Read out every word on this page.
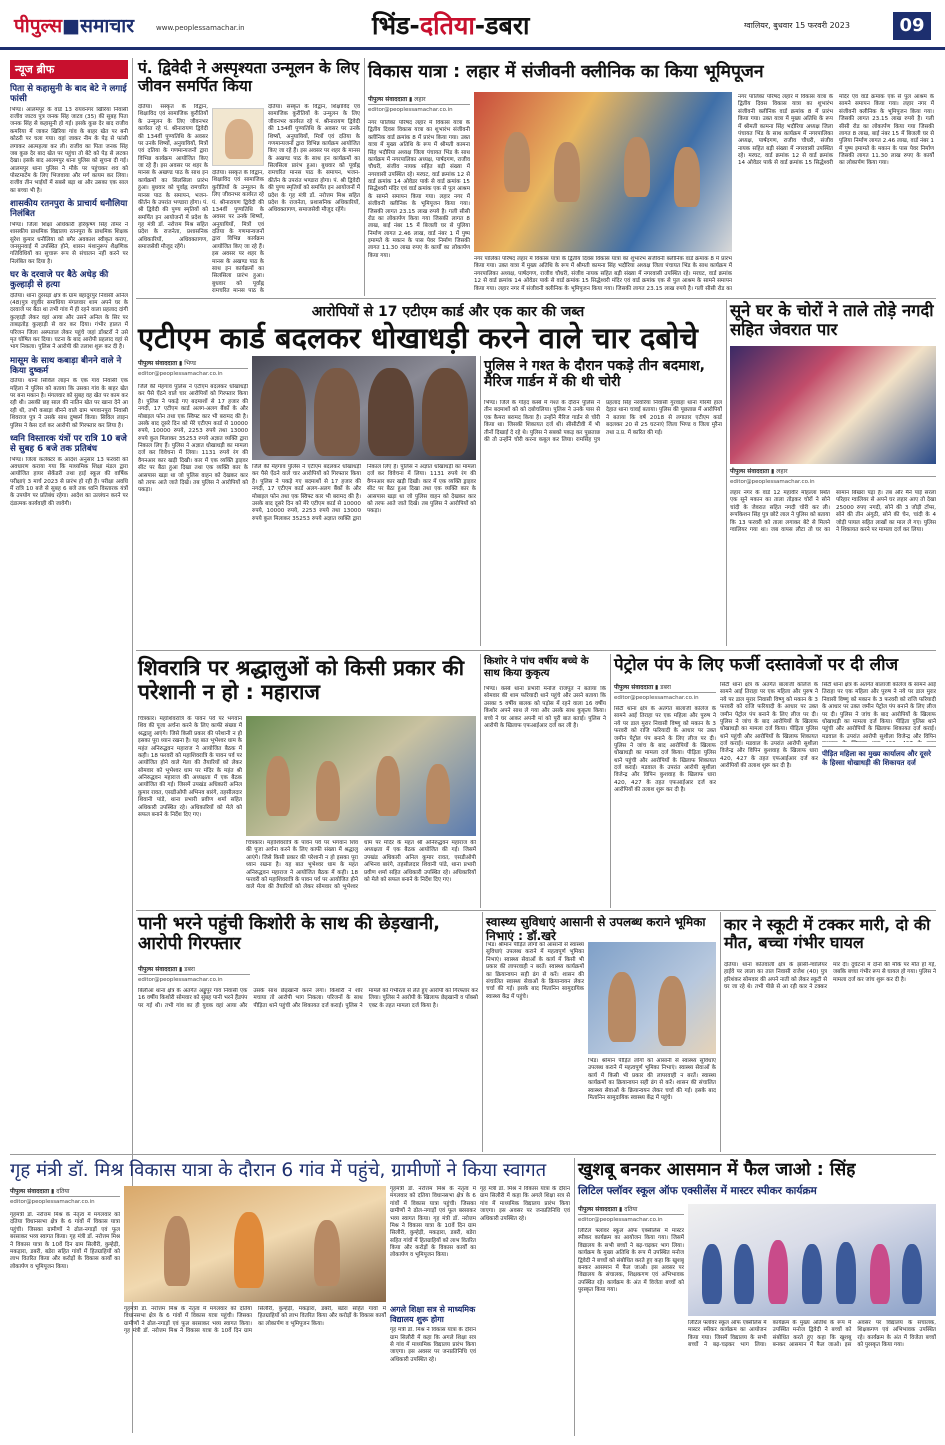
पीपुल्स■समाचार	www.peoplessamachar.in	भिंड-दतिया-डबरा	ग्वालियर, बुधवार 15 फरवरी 2023	09
न्यूज ब्रीफ
पिता से कहासुनी के बाद बेटे ने लगाई फांसी
भिण्ड। आलमपुर के वार्ड 13 रायवनगर खिरिया निवासी राजीव जाटव पुत्र जनक सिंह जाटव (35) की सुबह पिता जनक सिंह से कहासुनी हो गई। इसके कुछ देर बाद राजीव कमरिया में जाकर खिरिया गांव के बाहर खेत पर बनी कोठरी पर चला गया। वहां जाकर नीम के पेड़ से फांसी लगाकर आत्महत्या कर ली। राजीव का पिता जनक सिंह जब कुछ देर बाद खेत पर पहुंचा तो बेटे को पेड़ से लटका देखा। इसके बाद आलमपुर थाना पुलिस को सूचना दी गई। आलमपुर थाना पुलिस ने मौके पर पहुंचकर शव को पोस्टमार्टम के लिए भिजवाया और मर्ग कायम कर लिया। राजीव तीन भाईयों में सबसे बड़ा था और उसका एक साल का बच्चा भी है।
शासकीय रतनपुरा के प्राचार्य धनौलिया निलंबित
भिण्ड। जिला शिक्षा अधिकारी हरिकृष्ण सिंह तोमर ने शासकीय प्राथमिक विद्यालय रतनपुरा के प्राथमिक शिक्षक सुरेश कुमार धनौलिया को बगैर अवकाश स्वीकृत कराए, जनसुनवाई में उपस्थित होने, शासन मंशानुरूप शैक्षणिक गतिविधियों का सुचारू रूप से संचालन नहीं करने पर निलंबित कर दिया है।
घर के दरवाजे पर बैठे अधेड़ की कुल्हाड़ी से हत्या
दतिया। थाना दुरसड़ा क्षेत्र के ग्राम बहादुरपुर निवासी अनिल (48)पुत्र रघुवीर समाधिया मंगलवार शाम अपने घर के दरवाजे पर बैठा था तभी गांव में ही रहने वाला प्रहलाद दांगी कुल्हाड़ी लेकर वहां आया और उसने अनिल के सिर पर ताबड़तोड़ कुल्हाड़ी से वार कर दिया। गंभीर हालत में परिजन जिला अस्पताल लेकर पहुंचे जहां डॉक्टरों ने उसे मृत घोषित कर दिया। घटना के बाद आरोपी प्रहलाद वहां से भाग निकला। पुलिस ने आरोपी की तलाश शुरू कर दी है।
मासूम के साथ कबाड़ा बीनने वाले ने किया दुष्कर्म
दतिया। थाना सिविल लाइन के एक गांव निवासी एक महिला ने पुलिस को बताया कि उसका गांव के बाहर खेत पर बना मकान है। मंगलवार को सुबह वह खेत पर काम कर रही थी। उसकी छह साल की नातिन खेत पर खाना देने आ रही थी, तभी कबाड़ा बीनने वाले ग्राम भगवानपुरा निवासी शिवराज पुत्र ने उसके साथ दुष्कर्म किया। सिविल लाइन पुलिस ने केस दर्ज कर आरोपी को गिरफ्तार कर लिया है।
ध्वनि विस्तारक यंत्रों पर रात्रि 10 बजे से सुबह 6 बजे तक प्रतिबंध
भिण्ड। जिला कलेक्टर के आदेश अनुसार 13 फरवरी को अवधारण कराया गया कि माध्यमिक शिक्षा मंडल द्वारा आयोजित हायर सेकेंडरी तथा हाई स्कूल की वार्षिक परीक्षाएं 3 मार्च 2023 से प्रारंभ हो रही हैं। परीक्षा अवधि में रात्रि 10 बजे से सुबह 6 बजे तक ध्वनि विस्तारक यंत्रों के उपयोग पर प्रतिबंध रहेगा। आदेश का उल्लंघन करने पर दंडात्मक कार्यवाही की जावेगी।
पं. द्विवेदी ने अस्पृश्यता उन्मूलन के लिए जीवन समर्पित किया
दतिया। संस्कृत के विद्वान, शिक्षाविद एवं सामाजिक कुरीतियों के उन्मूलन के लिए जीवनभर कार्यरत रहे पं. श्रीनारायण द्विवेदी की 134वीं पुण्यतिथि के अवसर पर उनके शिष्यों, अनुयायियों, मित्रों एवं दतिया के गणमान्यजनों द्वारा विभिन्न कार्यक्रम आयोजित किए जा रहे हैं। इस अवसर पर शहर के मानस के अखण्ड पाठ के साथ इन कार्यक्रमों का सिलसिला प्रारंभ हुआ। बुधवार को पूर्वाह्न रामचरित मानस पाठ के समापन, भजन-कीर्तन के उपरांत भण्डारा होगा। पं. श्री द्विवेदी की पुण्य स्मृतियों को समर्पित इन आयोजनों में प्रदेश के गृह मंत्री डॉ. नरोत्तम मिश्र सहित प्रदेश के राजनेता, प्रशासनिक अधिकारियों, अधिवक्तागण, समाजसेवी मौजूद रहेंगे।
दतिया। संस्कृत के विद्वान, शिक्षाविद एवं सामाजिक कुरीतियों के उन्मूलन के लिए जीवनभर कार्यरत रहे पं. श्रीनारायण द्विवेदी की 134वीं पुण्यतिथि के अवसर पर उनके शिष्यों, अनुयायियों, मित्रों एवं दतिया के गणमान्यजनों द्वारा विभिन्न कार्यक्रम आयोजित किए जा रहे हैं। इस अवसर पर शहर के मानस के अखण्ड पाठ के साथ इन कार्यक्रमों का सिलसिला प्रारंभ हुआ। बुधवार को पूर्वाह्न रामचरित मानस पाठ के
दतिया। संस्कृत के विद्वान, शिक्षाविद एवं सामाजिक कुरीतियों के उन्मूलन के लिए जीवनभर कार्यरत रहे पं. श्रीनारायण द्विवेदी की 134वीं पुण्यतिथि के अवसर पर उनके शिष्यों, अनुयायियों, मित्रों एवं दतिया के गणमान्यजनों द्वारा विभिन्न कार्यक्रम आयोजित किए जा रहे हैं। इस अवसर पर शहर के मानस के अखण्ड पाठ के साथ इन कार्यक्रमों का सिलसिला प्रारंभ हुआ। बुधवार को पूर्वाह्न रामचरित मानस पाठ के समापन, भजन-कीर्तन के उपरांत भण्डारा होगा। पं. श्री द्विवेदी की पुण्य स्मृतियों को समर्पित इन आयोजनों में प्रदेश के गृह मंत्री डॉ. नरोत्तम मिश्र सहित प्रदेश के राजनेता, प्रशासनिक अधिकारियों, अधिवक्तागण, समाजसेवी मौजूद रहेंगे।
विकास यात्रा : लहार में संजीवनी क्लीनिक का किया भूमिपूजन
पीपुल्स संवाददाता ▮ लहार
editor@peoplessamachar.co.in
नगर पालिका परिषद लहार में विकास यात्रा के द्वितीय दिवस विकास यात्रा का शुभारंभ संजीवनी क्लीनिक वार्ड क्रमांक 8 में प्रारंभ किया गया। उक्त यात्रा में मुख्य अतिथि के रूप में श्रीमती कामना सिंह भदौरिया अध्यक्ष जिला पंचायत भिंड के साथ कार्यक्रम में नगरपालिका अध्यक्ष, पार्षदगण, राजीव चौधरी, संजीव नायक सहित बड़ी संख्या में नगरवासी उपस्थित रहे। मरघट, वार्ड क्रमांक 12 से वार्ड क्रमांक 14 ओवेडर पार्क से वार्ड क्रमांक 15 सिद्धेश्वरी मंदिर एवं वार्ड क्रमांक एक से पुल आश्रम के सामने समापन किया गया। लहार नगर में संजीवनी क्लीनिक के भूमिपूजन किया गया। जिसकी लागत 23.15 लाख रुपये है। गली सीसी रोड का लोकार्पण किया गया जिसकी लागत 8 लाख, बाई नंबर 15 में बिजली घर से पुलिया निर्माण लागत 2.46 लाख, वार्ड नंबर 1 में पुष्प इमामते के मकान के पास पेवर निर्माण जिसकी लागत 11.30 लाख रुपए के कार्यों का लोकार्पण किया गया।
नगर पालिका परिषद लहार में विकास यात्रा के द्वितीय दिवस विकास यात्रा का शुभारंभ संजीवनी क्लीनिक वार्ड क्रमांक 8 में प्रारंभ किया गया। उक्त यात्रा में मुख्य अतिथि के रूप में श्रीमती कामना सिंह भदौरिया अध्यक्ष जिला पंचायत भिंड के साथ कार्यक्रम में नगरपालिका अध्यक्ष, पार्षदगण, राजीव चौधरी, संजीव नायक सहित बड़ी संख्या में नगरवासी उपस्थित रहे। मरघट, वार्ड क्रमांक 12 से वार्ड क्रमांक 14 ओवेडर पार्क से वार्ड क्रमांक 15 सिद्धेश्वरी मंदिर एवं वार्ड क्रमांक एक से पुल आश्रम के सामने समापन किया गया। लहार नगर में संजीवनी क्लीनिक के भूमिपूजन किया गया। जिसकी लागत 23.15 लाख रुपये है। गली सीसी रोड का
नगर पालिका परिषद लहार में विकास यात्रा के द्वितीय दिवस विकास यात्रा का शुभारंभ संजीवनी क्लीनिक वार्ड क्रमांक 8 में प्रारंभ किया गया। उक्त यात्रा में मुख्य अतिथि के रूप में श्रीमती कामना सिंह भदौरिया अध्यक्ष जिला पंचायत भिंड के साथ कार्यक्रम में नगरपालिका अध्यक्ष, पार्षदगण, राजीव चौधरी, संजीव नायक सहित बड़ी संख्या में नगरवासी उपस्थित रहे। मरघट, वार्ड क्रमांक 12 से वार्ड क्रमांक 14 ओवेडर पार्क से वार्ड क्रमांक 15 सिद्धेश्वरी मंदिर एवं वार्ड क्रमांक एक से पुल आश्रम के सामने समापन किया गया। लहार नगर में संजीवनी क्लीनिक के भूमिपूजन किया गया। जिसकी लागत 23.15 लाख रुपये है। गली सीसी रोड का लोकार्पण किया गया जिसकी लागत 8 लाख, बाई नंबर 15 में बिजली घर से पुलिया निर्माण लागत 2.46 लाख, वार्ड नंबर 1 में पुष्प इमामते के मकान के पास पेवर निर्माण जिसकी लागत 11.30 लाख रुपए के कार्यों का लोकार्पण किया गया।
आरोपियों से 17 एटीएम कार्ड और एक कार की जब्त
एटीएम कार्ड बदलकर धोखाधड़ी करने वाले चार दबोचे
पीपुल्स संवाददाता ▮ भिण्ड
editor@peoplessamachar.co.in
जिले की मेहगांव पुलिस ने एटीएम बदलकर धोखाधड़ी कर पैसे ऐंठने वाले चार आरोपियों को गिरफ्तार किया है। पुलिस ने पकड़े गए बदमाशों से 17 हजार की नगदी, 17 एटीएम कार्ड अलग-अलग बैंकों के और मोबाइल फोन तथा एक स्विफ्ट कार भी बरामद की है। उसके बाद दूसरे दिन को मेरे एटीएम कार्ड से 10000 रुपये, 10000 रुपये, 2253 रुपये तथा 13000 रुपये कुल मिलाकर 35253 रुपये अज्ञात व्यक्ति द्वारा निकाल लिए हैं। पुलिस ने अज्ञात धोखाधड़ी का मामला दर्ज कर विवेचना में लिया। 1131 रुपये रंग की वैगनआर कार खड़ी दिखी। कार में एक व्यक्ति ड्राइवर सीट पर बैठा हुआ दिखा तथा एक व्यक्ति कार के आसपास खड़ा था जो पुलिस वाहन को देखकर कार को तरफ आते जाते दिखे। तब पुलिस ने आरोपियों को पकड़ा।
जिले की मेहगांव पुलिस ने एटीएम बदलकर धोखाधड़ी कर पैसे ऐंठने वाले चार आरोपियों को गिरफ्तार किया है। पुलिस ने पकड़े गए बदमाशों से 17 हजार की नगदी, 17 एटीएम कार्ड अलग-अलग बैंकों के और मोबाइल फोन तथा एक स्विफ्ट कार भी बरामद की है। उसके बाद दूसरे दिन को मेरे एटीएम कार्ड से 10000 रुपये, 10000 रुपये, 2253 रुपये तथा 13000 रुपये कुल मिलाकर 35253 रुपये अज्ञात व्यक्ति द्वारा निकाल लिए हैं। पुलिस ने अज्ञात धोखाधड़ी का मामला दर्ज कर विवेचना में लिया। 1131 रुपये रंग की वैगनआर कार खड़ी दिखी। कार में एक व्यक्ति ड्राइवर सीट पर बैठा हुआ दिखा तथा एक व्यक्ति कार के आसपास खड़ा था जो पुलिस वाहन को देखकर कार को तरफ आते जाते दिखे। तब पुलिस ने आरोपियों को पकड़ा।
पुलिस ने गश्त के दौरान पकड़े तीन बदमाश, मैरिज गार्डन में की थी चोरी
भिण्ड। जिले के गोहद कस्बे में गश्त के दौरान पुलिस ने तीन बदमाशों को को दबोचलिया। पुलिस ने उनके पास से एक कैमरा बरामद किया है। उन्होंने मैरिज गार्डन से चोरी किया था। जिसकी शिकायत दर्ज थी। सीसीटीवी में भी तीनों दिखाई दे रहे थे। पुलिस ने सबको पकड़ कर पूछताछ की तो उन्होंने चोरी करना कबूल कर लिया। रामसिंह पुत्र प्रहलाद सिंह नरवरिया निवासी गुरवाहा थाना गोरमी हाल देहात थाना चावई बताया। पुलिस की पूछताछ में आरोपियों ने बताया कि वर्ष 2018 से लगातार एटीएम कार्ड बदलकर 20 से 25 घटनाएं जिला भिण्ड व जिला मुरैना तथा उ.प्र. में कारित की गई।
सूने घर के चोरों ने ताले तोड़े नगदी सहित जेवरात पार
पीपुल्स संवाददाता ▮ लहार
editor@peoplessamachar.co.in
लहार नगर के वार्ड 12 महावीर मोहल्ला स्थित एक सूने मकान का ताला तोड़कर चोरों ने सोने चांदी के जेवरात सहित नगदी चोरी कर ली। रूपकिशन सिंह पुत्र छोटे लाल ने पुलिस को बताया कि 13 फरवरी को ताला लगाकर बेटे से मिलने ग्वालियर गया था। जब वापस लौटा तो घर का सामान बिखरा पड़ा है। तब और मैंने पाई सरला परिहार ग्वालियर से अपने घर लहार आए तो देखा 25000 रुपए नगदी, सोने की 3 जोड़ी टॉप्स, सोने की तीन अंगूठी, सोने की चेन, चांदी के 4 जोड़ी पायल सहित लाखों का माल ले गए। पुलिस ने शिकायत करने पर मामला दर्ज कर लिया।
शिवरात्रि पर श्रद्धालुओं को किसी प्रकार की परेशानी न हो : महाराज
चित्रकार। महाशिवरात्रि के पावन पर्व पर भगवान शिव की पूजा अर्चना करने के लिए काफी संख्या में श्रद्धालु आएंगे। जिसे किसी प्रकार की परेशानी न हो इसका पूरा ध्यान रखना है। यह बात भूभेश्वर धाम के महंत अनिरुद्धवन महाराज ने आयोजित बैठक में कही। 18 फरवरी को महाशिवरात्रि के पावन पर्व पर आयोजित होने वाले मेला की तैयारियों को लेकर सोमवार को भूभेश्वर धाम पर मंदिर के महंत श्री अनिरुद्धवन महाराज की अध्यक्षता में एक बैठक आयोजित की गई। जिसमें उपखंड अधिकारी अनिल कुमार रावत, एसडीओपी अभिनव बारंगे, तहसीलदार शिवानी पांडे, थाना प्रभारी प्रवीण शर्मा सहित अधिकारी उपस्थित रहे। अधिकारियों को मेले को सफल बनाने के निर्देश दिए गए।
चित्रकार। महाशिवरात्रि के पावन पर्व पर भगवान शिव की पूजा अर्चना करने के लिए काफी संख्या में श्रद्धालु आएंगे। जिसे किसी प्रकार की परेशानी न हो इसका पूरा ध्यान रखना है। यह बात भूभेश्वर धाम के महंत अनिरुद्धवन महाराज ने आयोजित बैठक में कही। 18 फरवरी को महाशिवरात्रि के पावन पर्व पर आयोजित होने वाले मेला की तैयारियों को लेकर सोमवार को भूभेश्वर धाम पर मंदिर के महंत श्री अनिरुद्धवन महाराज की अध्यक्षता में एक बैठक आयोजित की गई। जिसमें उपखंड अधिकारी अनिल कुमार रावत, एसडीओपी अभिनव बारंगे, तहसीलदार शिवानी पांडे, थाना प्रभारी प्रवीण शर्मा सहित अधिकारी उपस्थित रहे। अधिकारियों को मेले को सफल बनाने के निर्देश दिए गए।
किशोर ने पांच वर्षीय बच्चे के साथ किया कुकृत्य
भिण्ड। कस्बे थाना प्रभारी मनोज राजपूत ने बताया कि सोमवार की शाम फरियादी थाने पहुंचे और उसने बताया कि उसका 5 वर्षीय बालक को पड़ोस में रहने वाला 16 वर्षीय किशोर अपने साथ ले गया और उसके साथ कुकृत्य किया। बच्चे ने घर आकर अपनी मां को पूरी बात बताई। पुलिस ने आरोपी के खिलाफ एफआईआर दर्ज कर ली है।
पेट्रोल पंप के लिए फर्जी दस्तावेजों पर दी लीज
पीपुल्स संवाददाता ▮ डबरा
editor@peoplessamachar.co.in
सिटी थाना क्षेत्र के अंतर्गत बालाजी कॉलेज के सामने आई तिराहा पर एक महिला और पुरुष ने नये पर डाल मुरार निवासी विष्णु को मकान के 3 फरवरी को राजि फरियादी के आधार पर उक्त जमीन पेट्रोल पंप बनाने के लिए लीज पर दी। पुलिस ने जांच के बाद आरोपियों के खिलाफ धोखाधड़ी का मामला दर्ज किया। पीड़िता पुलिस थाने पहुंची और आरोपियों के खिलाफ शिकायत दर्ज कराई। मडवाल के उपरांत आरोपी सुशीला विजेन्द्र और विपिन कुशवाह के खिलाफ धारा 420, 427 के तहत एफआईआर दर्ज कर आरोपियों की तलाश शुरू कर दी है।
सिटी थाना क्षेत्र के अंतर्गत बालाजी कॉलेज के सामने आई तिराहा पर एक महिला और पुरुष ने नये पर डाल मुरार निवासी विष्णु को मकान के 3 फरवरी को राजि फरियादी के आधार पर उक्त जमीन पेट्रोल पंप बनाने के लिए लीज पर दी। पुलिस ने जांच के बाद आरोपियों के खिलाफ धोखाधड़ी का मामला दर्ज किया। पीड़िता पुलिस थाने पहुंची और आरोपियों के खिलाफ शिकायत दर्ज कराई। मडवाल के उपरांत आरोपी सुशीला विजेन्द्र और विपिन कुशवाह के खिलाफ धारा 420, 427 के तहत एफआईआर दर्ज कर आरोपियों की तलाश शुरू कर दी है।
सिटी थाना क्षेत्र के अंतर्गत बालाजी कॉलेज के सामने आई तिराहा पर एक महिला और पुरुष ने नये पर डाल मुरार निवासी विष्णु को मकान के 3 फरवरी को राजि फरियादी के आधार पर उक्त जमीन पेट्रोल पंप बनाने के लिए लीज पर दी। पुलिस ने जांच के बाद आरोपियों के खिलाफ धोखाधड़ी का मामला दर्ज किया। पीड़िता पुलिस थाने पहुंची और आरोपियों के खिलाफ शिकायत दर्ज कराई। मडवाल के उपरांत आरोपी सुशीला विजेन्द्र और विपिन
पीड़ित महिला का मुख्य कार्यालय और दूसरे के हिस्सा धोखाधड़ी की शिकायत दर्ज
पानी भरने पहुंची किशोरी के साथ की छेड़खानी, आरोपी गिरफ्तार
पीपुल्स संवाददाता ▮ डबरा
editor@peoplessamachar.co.in
बिलौआ थाना क्षेत्र के अंतर्गत अड्डूपुर गांव निवासी एक 16 वर्षीय किशोरी सोमवार को सुबह पानी भरने हैंडपंप पर गई थी। तभी गांव का ही युवक वहां आया और उसके साथ छेड़खानी करने लगा। किशोरी ने शोर मचाया तो आरोपी भाग निकला। परिजनों के साथ पीड़िता थाने पहुंची और शिकायत दर्ज कराई। पुलिस ने मामले को गंभीरता से लेते हुए आरोपी को गिरफ्तार कर लिया। पुलिस ने आरोपी के खिलाफ छेड़खानी व पॉक्सो एक्ट के तहत मामला दर्ज किया है।
स्वास्थ्य सुविधाएं आसानी से उपलब्ध कराने भूमिका निभाएं : डॉ.खरे
भिंड। श्रीमान पीड़ित लोगों को आसानी से स्वास्थ्य सुविधाएं उपलब्ध कराने में महत्वपूर्ण भूमिका निभाएं। स्वास्थ्य सेवाओं के कार्य में किसी भी प्रकार की लापरवाही न बरतें। स्वास्थ्य कार्यक्रमों का क्रियान्वयन सही ढंग से करें। शासन की संचालित स्वास्थ्य सेवाओं के क्रियान्वयन लेकर चर्चा की गई। इसके बाद मितानिन सामुदायिक स्वास्थ्य केंद्र में पहुंचे।
भिंड। श्रीमान पीड़ित लोगों को आसानी से स्वास्थ्य सुविधाएं उपलब्ध कराने में महत्वपूर्ण भूमिका निभाएं। स्वास्थ्य सेवाओं के कार्य में किसी भी प्रकार की लापरवाही न बरतें। स्वास्थ्य कार्यक्रमों का क्रियान्वयन सही ढंग से करें। शासन की संचालित स्वास्थ्य सेवाओं के क्रियान्वयन लेकर चर्चा की गई। इसके बाद मितानिन सामुदायिक स्वास्थ्य केंद्र में पहुंचे।
कार ने स्कूटी में टक्कर मारी, दो की मौत, बच्चा गंभीर घायल
दतिया। थाना कोतवाली क्षेत्र के झांसी-ग्वालियर हाईवे पर लाला का ताल निवासी राजेश (40) पुत्र हरिशंकर सोमवार की अपने नाती को लेकर स्कूटी से घर जा रहे थे। तभी पीछे से आ रही कार ने टक्कर मार दी। दुर्घटना में दोनों की मौके पर मौत हो गई, जबकि बच्चा गंभीर रूप से घायल हो गया। पुलिस ने मामला दर्ज कर जांच शुरू कर दी है।
गृह मंत्री डॉ. मिश्र विकास यात्रा के दौरान 6 गांव में पहुंचे, ग्रामीणों ने किया स्वागत
पीपुल्स संवाददाता ▮ दतिया
editor@peoplessamachar.co.in
गृहमंत्री डॉ. नरोत्तम मिश्र के नेतृत्व में मंगलवार को दतिया विधानसभा क्षेत्र के 6 गांवों में विकास यात्रा पहुंची। जिसका ग्रामीणों ने ढोल-नगाड़ों एवं फूल बरसाकर भव्य स्वागत किया। गृह मंत्री डॉ. नरोत्तम मिश्र ने विकास यात्रा के 10वें दिन ग्राम सिलौरी, कुम्हेड़ी, मकड़ारा, डबरी, बडेरा सहित गांवों में हितग्राहियों को लाभ वितरित किया और करोड़ों के विकास कार्यों का लोकार्पण व भूमिपूजन किया।
गृहमंत्री डॉ. नरोत्तम मिश्र के नेतृत्व में मंगलवार को दतिया विधानसभा क्षेत्र के 6 गांवों में विकास यात्रा पहुंची। जिसका ग्रामीणों ने ढोल-नगाड़ों एवं फूल बरसाकर भव्य स्वागत किया। गृह मंत्री डॉ. नरोत्तम मिश्र ने विकास यात्रा के 10वें दिन ग्राम सिलौरी, कुम्हेड़ी, मकड़ारा, डबरी, बडेरा सहित गांवों में हितग्राहियों को लाभ वितरित किया और करोड़ों के विकास कार्यों का लोकार्पण व भूमिपूजन किया।
गृहमंत्री डॉ. नरोत्तम मिश्र के नेतृत्व में मंगलवार को दतिया विधानसभा क्षेत्र के 6 गांवों में विकास यात्रा पहुंची। जिसका ग्रामीणों ने ढोल-नगाड़ों एवं फूल बरसाकर भव्य स्वागत किया। गृह मंत्री डॉ. नरोत्तम मिश्र ने विकास यात्रा के 10वें दिन ग्राम सिलौरी, कुम्हेड़ी, मकड़ारा, डबरी, बडेरा सहित गांवों में हितग्राहियों को लाभ वितरित किया और करोड़ों के विकास कार्यों का लोकार्पण व भूमिपूजन किया।
अगले शिक्षा सत्र से माध्यमिक विद्यालय शुरू होगा
गृह मंत्री डॉ. मिश्र ने विकास यात्रा के दौरान ग्राम सिलौरी में कहा कि अगले शिक्षा सत्र से गांव में माध्यमिक विद्यालय प्रारंभ किया जाएगा। इस अवसर पर जनप्रतिनिधि एवं अधिकारी उपस्थित रहे।
गृह मंत्री डॉ. मिश्र ने विकास यात्रा के दौरान ग्राम सिलौरी में कहा कि अगले शिक्षा सत्र से गांव में माध्यमिक विद्यालय प्रारंभ किया जाएगा। इस अवसर पर जनप्रतिनिधि एवं अधिकारी उपस्थित रहे।
खुशबू बनकर आसमान में फैल जाओ : सिंह
लिटिल फ्लॉवर स्कूल ऑफ एक्सीलेंस में मास्टर स्पीकर कार्यक्रम
पीपुल्स संवाददाता ▮ दतिया
editor@peoplessamachar.co.in
लिटिल फ्लॉवर स्कूल ऑफ एक्सीलेंस में मास्टर स्पीकर कार्यक्रम का आयोजन किया गया। जिसमें विद्यालय के सभी बच्चों ने बढ़-चढ़कर भाग लिया। कार्यक्रम के मुख्य अतिथि के रूप में उपस्थित मनोज द्विवेदी ने बच्चों को संबोधित करते हुए कहा कि खुशबू बनकर आसमान में फैल जाओ। इस अवसर पर विद्यालय के संचालक, शिक्षकगण एवं अभिभावक उपस्थित रहे। कार्यक्रम के अंत में विजेता बच्चों को पुरस्कृत किया गया।
लिटिल फ्लॉवर स्कूल ऑफ एक्सीलेंस में मास्टर स्पीकर कार्यक्रम का आयोजन किया गया। जिसमें विद्यालय के सभी बच्चों ने बढ़-चढ़कर भाग लिया। कार्यक्रम के मुख्य अतिथि के रूप में उपस्थित मनोज द्विवेदी ने बच्चों को संबोधित करते हुए कहा कि खुशबू बनकर आसमान में फैल जाओ। इस अवसर पर विद्यालय के संचालक, शिक्षकगण एवं अभिभावक उपस्थित रहे। कार्यक्रम के अंत में विजेता बच्चों को पुरस्कृत किया गया।
